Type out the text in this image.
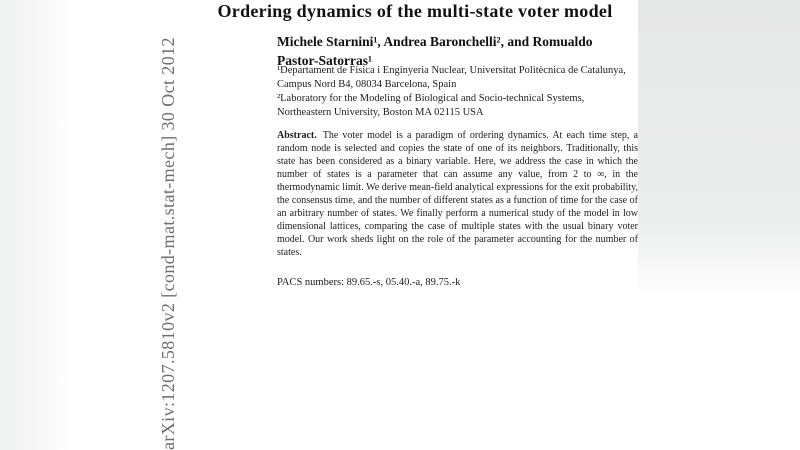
arXiv:1207.5810v2 [cond-mat.stat-mech] 30 Oct 2012
Ordering dynamics of the multi-state voter model
Michele Starnini¹, Andrea Baronchelli², and Romualdo
Pastor-Satorras¹
¹Departament de Física i Enginyeria Nuclear, Universitat Politècnica de Catalunya,
Campus Nord B4, 08034 Barcelona, Spain
²Laboratory for the Modeling of Biological and Socio-technical Systems,
Northeastern University, Boston MA 02115 USA

Abstract. The voter model is a paradigm of ordering dynamics. At each time step, a random node is selected and copies the state of one of its neighbors. Traditionally, this state has been considered as a binary variable. Here, we address the case in which the number of states is a parameter that can assume any value, from 2 to ∞, in the thermodynamic limit. We derive mean-field analytical expressions for the exit probability, the consensus time, and the number of different states as a function of time for the case of an arbitrary number of states. We finally perform a numerical study of the model in low dimensional lattices, comparing the case of multiple states with the usual binary voter model. Our work sheds light on the role of the parameter accounting for the number of states.

PACS numbers: 89.65.-s, 05.40.-a, 89.75.-k
